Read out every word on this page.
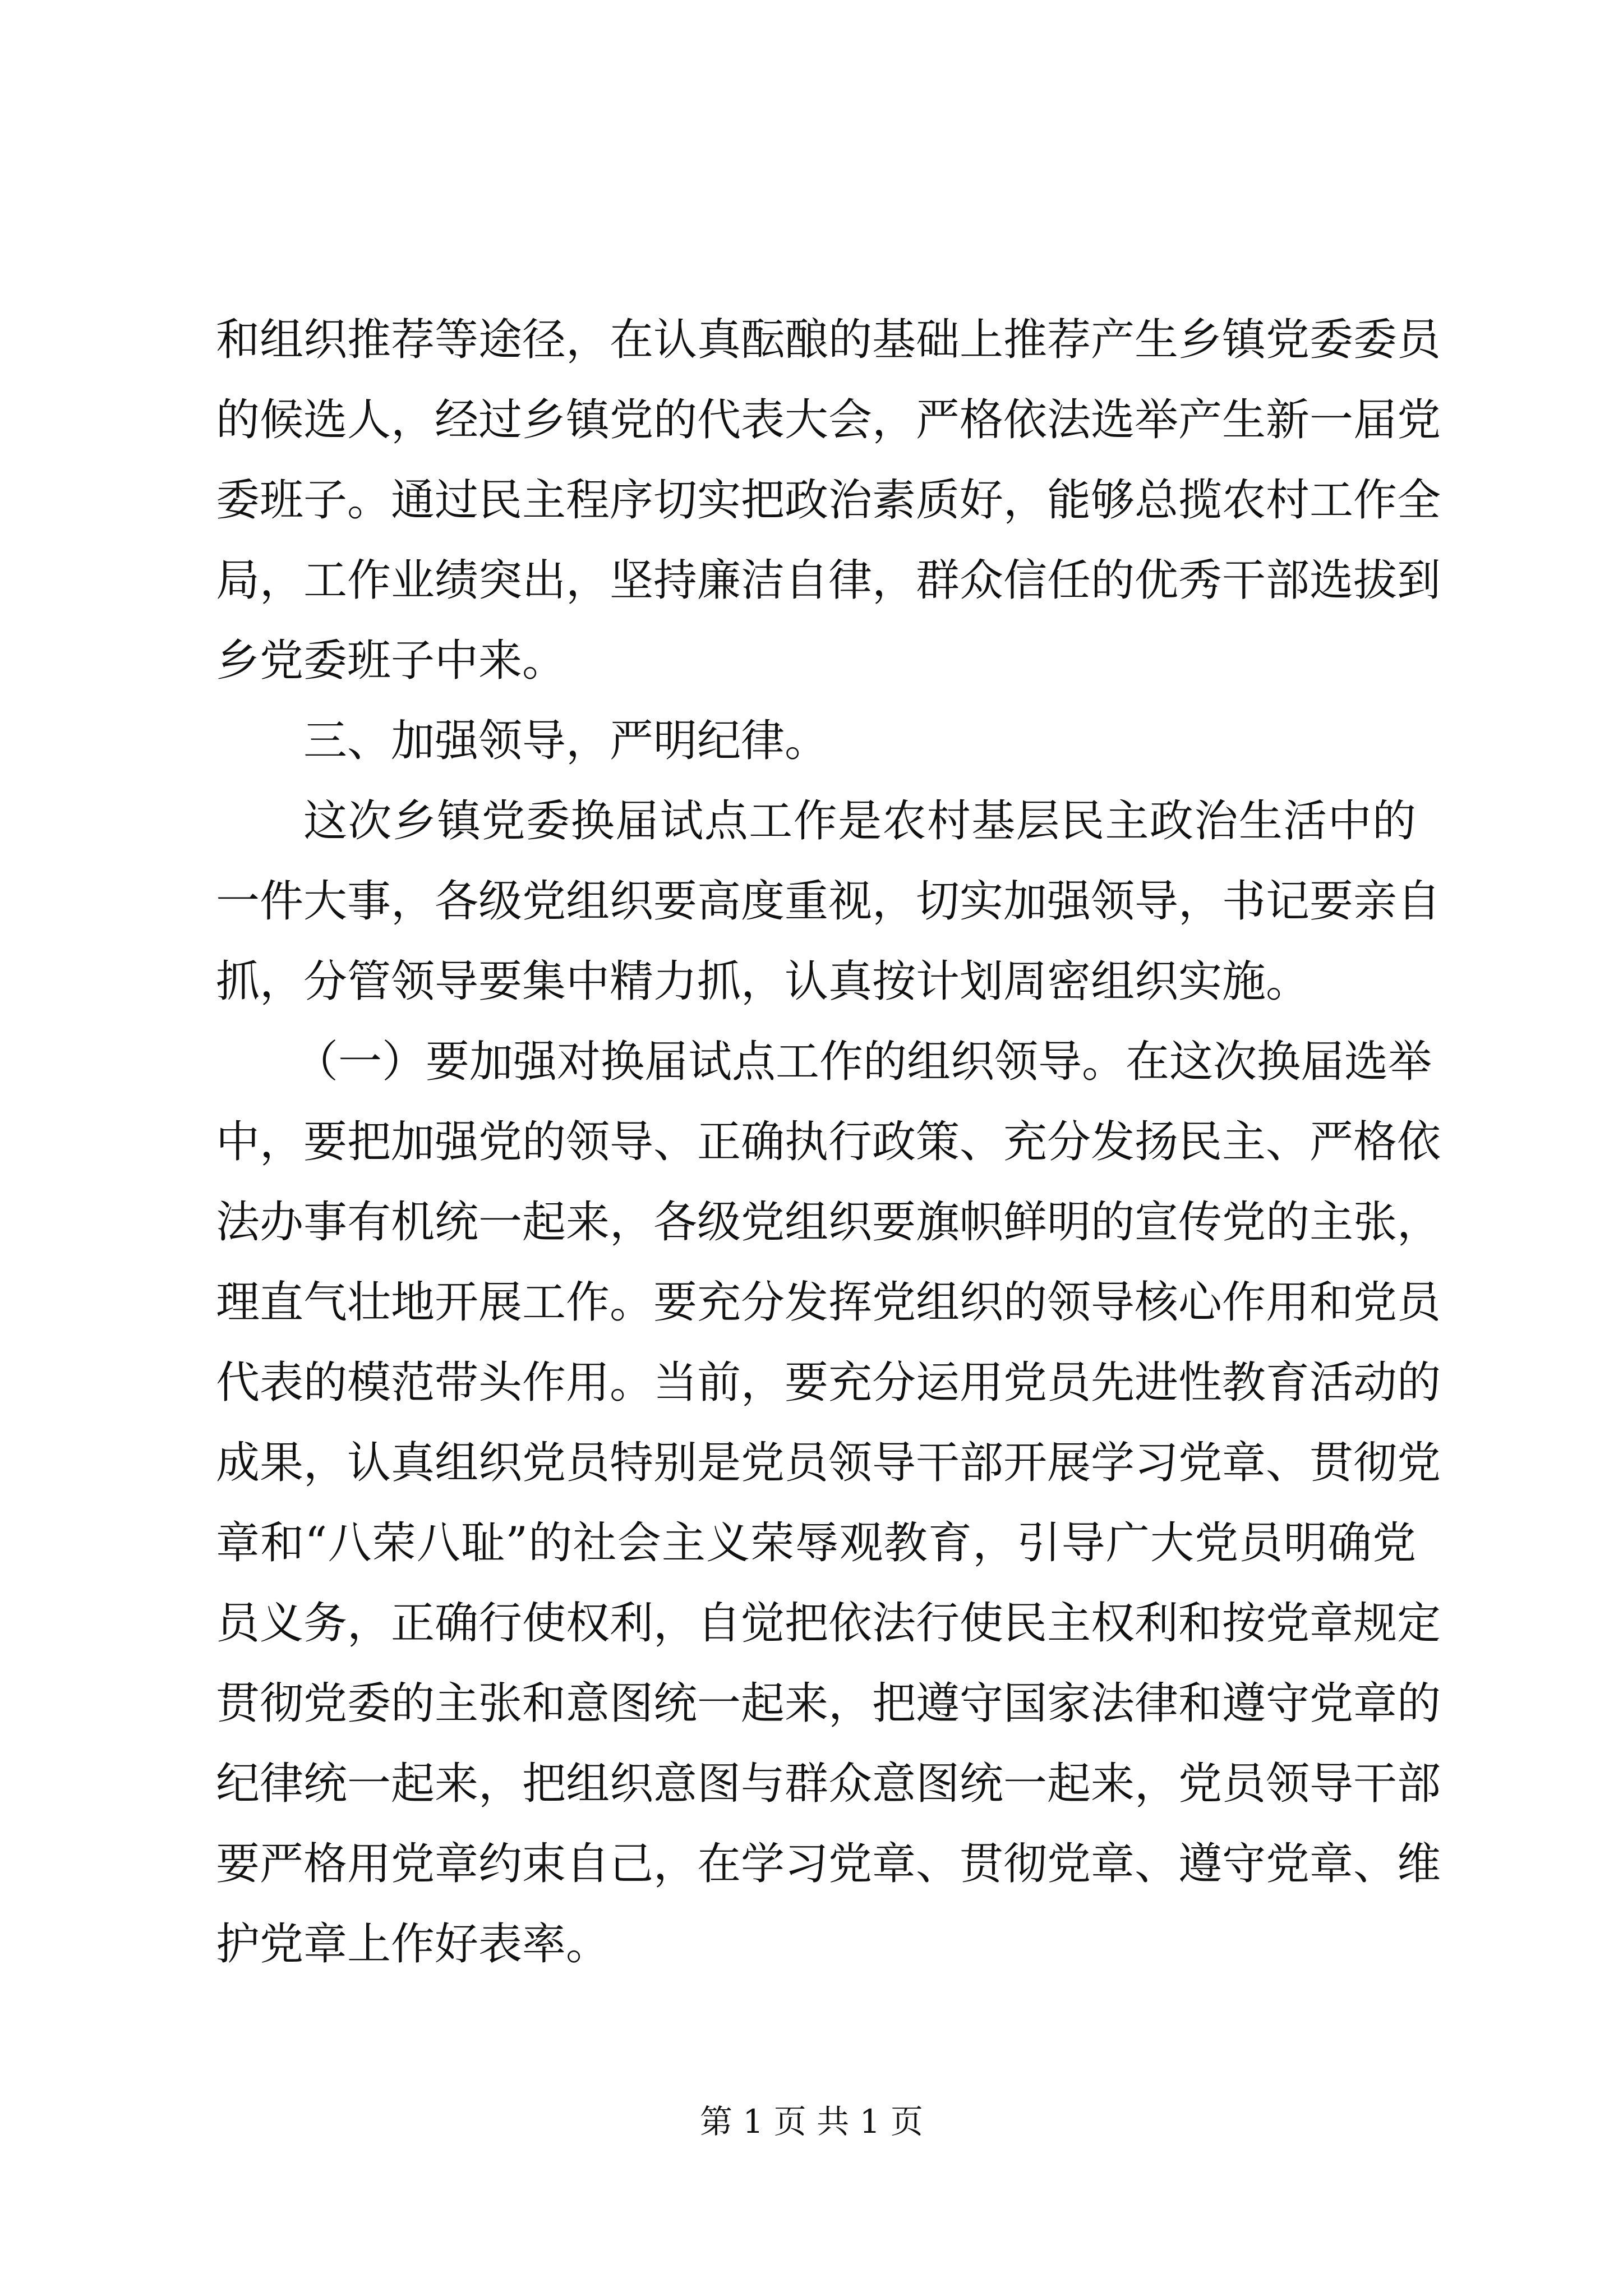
和组织推荐等途径，在认真酝酿的基础上推荐产生乡镇党委委员
的候选人，经过乡镇党的代表大会，严格依法选举产生新一届党
委班子。通过民主程序切实把政治素质好，能够总揽农村工作全
局，工作业绩突出，坚持廉洁自律，群众信任的优秀干部选拔到
乡党委班子中来。
三、加强领导，严明纪律。
这次乡镇党委换届试点工作是农村基层民主政治生活中的
一件大事，各级党组织要高度重视，切实加强领导，书记要亲自
抓，分管领导要集中精力抓，认真按计划周密组织实施。
（一）要加强对换届试点工作的组织领导。在这次换届选举
中，要把加强党的领导、正确执行政策、充分发扬民主、严格依
法办事有机统一起来，各级党组织要旗帜鲜明的宣传党的主张，
理直气壮地开展工作。要充分发挥党组织的领导核心作用和党员
代表的模范带头作用。当前，要充分运用党员先进性教育活动的
成果，认真组织党员特别是党员领导干部开展学习党章、贯彻党
章和“八荣八耻”的社会主义荣辱观教育，引导广大党员明确党
员义务，正确行使权利，自觉把依法行使民主权利和按党章规定
贯彻党委的主张和意图统一起来，把遵守国家法律和遵守党章的
纪律统一起来，把组织意图与群众意图统一起来，党员领导干部
要严格用党章约束自己，在学习党章、贯彻党章、遵守党章、维
护党章上作好表率。
第 1 页 共 1 页
